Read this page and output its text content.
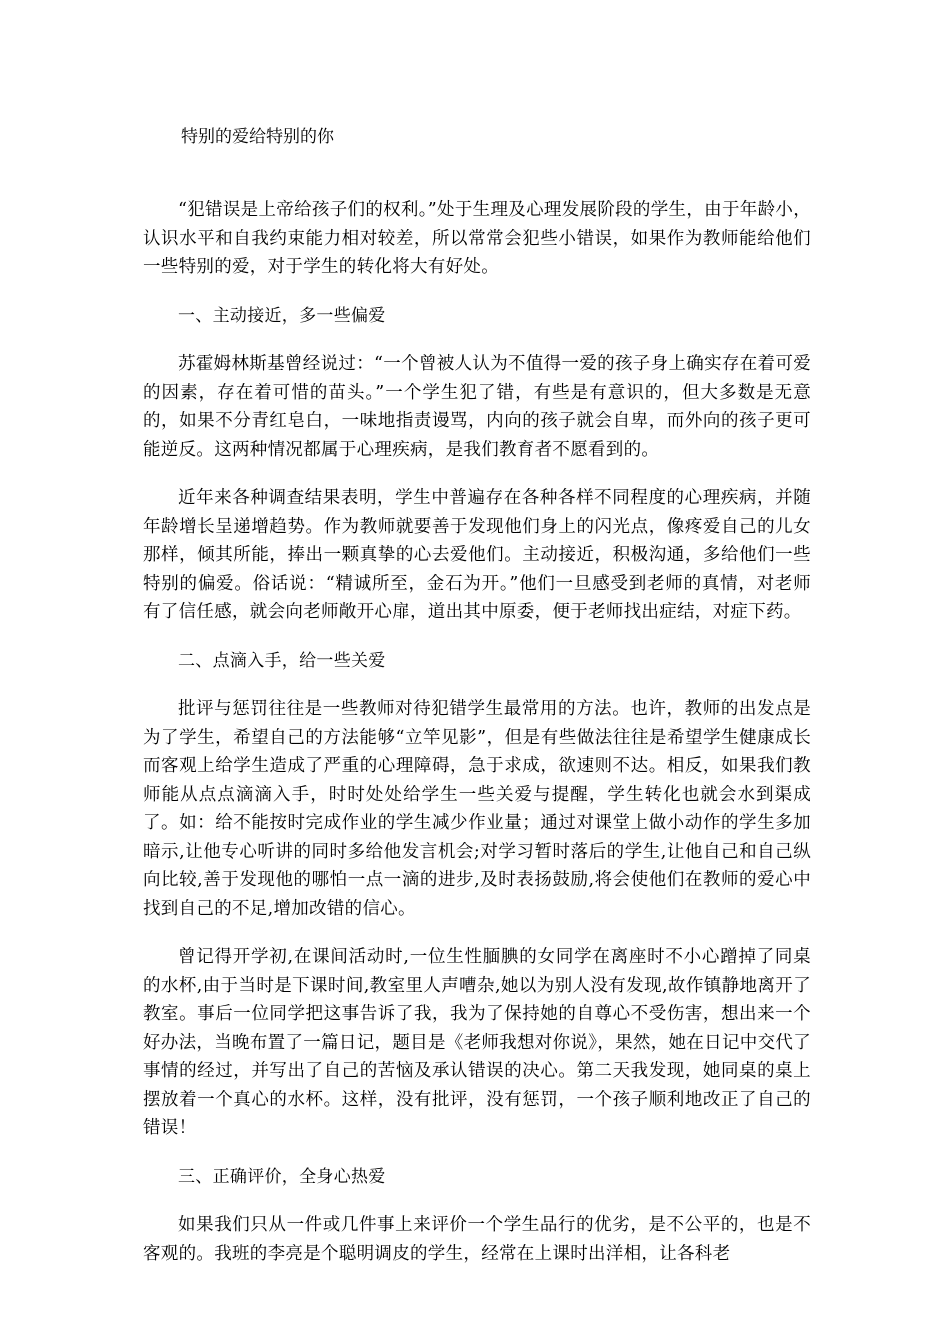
特别的爱给特别的你

“犯错误是上帝给孩子们的权利。”处于生理及心理发展阶段的学生，由于年龄小，认识水平和自我约束能力相对较差，所以常常会犯些小错误，如果作为教师能给他们一些特别的爱，对于学生的转化将大有好处。

一、主动接近，多一些偏爱

苏霍姆林斯基曾经说过：“一个曾被人认为不值得一爱的孩子身上确实存在着可爱的因素，存在着可惜的苗头。”一个学生犯了错，有些是有意识的，但大多数是无意的，如果不分青红皂白，一味地指责谩骂，内向的孩子就会自卑，而外向的孩子更可能逆反。这两种情况都属于心理疾病，是我们教育者不愿看到的。

近年来各种调查结果表明，学生中普遍存在各种各样不同程度的心理疾病，并随年龄增长呈递增趋势。作为教师就要善于发现他们身上的闪光点，像疼爱自己的儿女那样，倾其所能，捧出一颗真挚的心去爱他们。主动接近，积极沟通，多给他们一些特别的偏爱。俗话说：“精诚所至，金石为开。”他们一旦感受到老师的真情，对老师有了信任感，就会向老师敞开心扉，道出其中原委，便于老师找出症结，对症下药。

二、点滴入手，给一些关爱

批评与惩罚往往是一些教师对待犯错学生最常用的方法。也许，教师的出发点是为了学生，希望自己的方法能够“立竿见影”，但是有些做法往往是希望学生健康成长而客观上给学生造成了严重的心理障碍，急于求成，欲速则不达。相反，如果我们教师能从点点滴滴入手，时时处处给学生一些关爱与提醒，学生转化也就会水到渠成了。如：给不能按时完成作业的学生减少作业量；通过对课堂上做小动作的学生多加暗示,让他专心听讲的同时多给他发言机会;对学习暂时落后的学生,让他自己和自己纵向比较,善于发现他的哪怕一点一滴的进步,及时表扬鼓励,将会使他们在教师的爱心中找到自己的不足,增加改错的信心。

曾记得开学初,在课间活动时,一位生性腼腆的女同学在离座时不小心蹭掉了同桌的水杯,由于当时是下课时间,教室里人声嘈杂,她以为别人没有发现,故作镇静地离开了教室。事后一位同学把这事告诉了我，我为了保持她的自尊心不受伤害，想出来一个好办法，当晚布置了一篇日记，题目是《老师我想对你说》，果然，她在日记中交代了事情的经过，并写出了自己的苦恼及承认错误的决心。第二天我发现，她同桌的桌上摆放着一个真心的水杯。这样，没有批评，没有惩罚，一个孩子顺利地改正了自己的错误！

三、正确评价，全身心热爱

如果我们只从一件或几件事上来评价一个学生品行的优劣，是不公平的，也是不客观的。我班的李亮是个聪明调皮的学生，经常在上课时出洋相，让各科老
